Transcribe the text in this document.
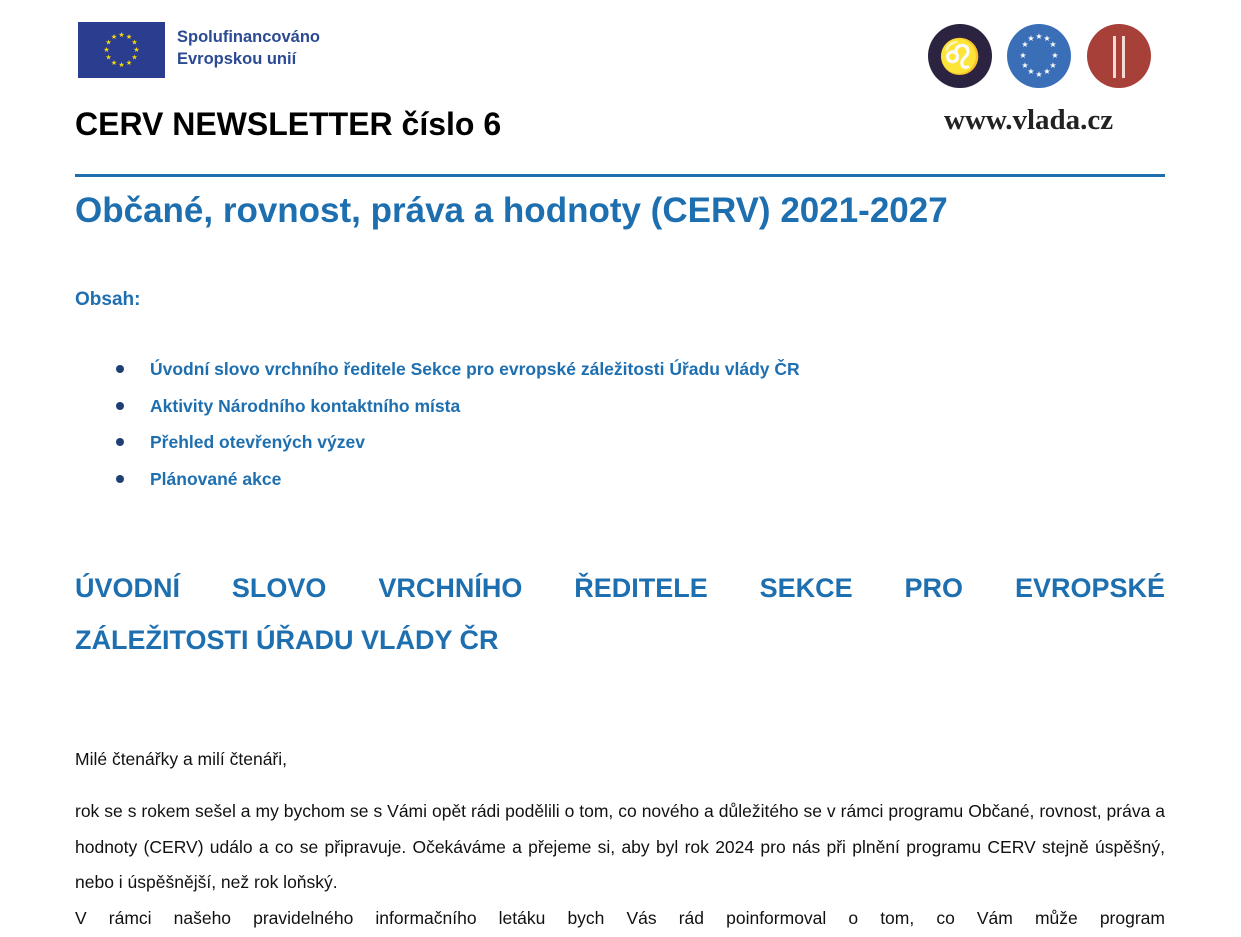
★ ★
★
★
★
★
★
★
★
★
★
★	Spolufinancováno
Evropskou unií	♌
★ ★
★
★
★
★
★
★
★
★
★
★
www.vlada.cz
CERV NEWSLETTER číslo 6
Občané, rovnost, práva a hodnoty (CERV) 2021-2027
Obsah:
Úvodní slovo vrchního ředitele Sekce pro evropské záležitosti Úřadu vlády ČR
Aktivity Národního kontaktního místa
Přehled otevřených výzev
Plánované akce
ÚVODNÍ SLOVO VRCHNÍHO ŘEDITELE SEKCE PRO EVROPSKÉ
ZÁLEŽITOSTI ÚŘADU VLÁDY ČR
Milé čtenářky a milí čtenáři,
rok se s rokem sešel a my bychom se s Vámi opět rádi podělili o tom, co nového a důležitého se v rámci programu Občané, rovnost, práva a hodnoty (CERV) událo a co se připravuje. Očekáváme a přejeme si, aby byl rok 2024 pro nás při plnění programu CERV stejně úspěšný, nebo i úspěšnější, než rok loňský.
V rámci našeho pravidelného informačního letáku bych Vás rád poinformoval o tom, co Vám může program
